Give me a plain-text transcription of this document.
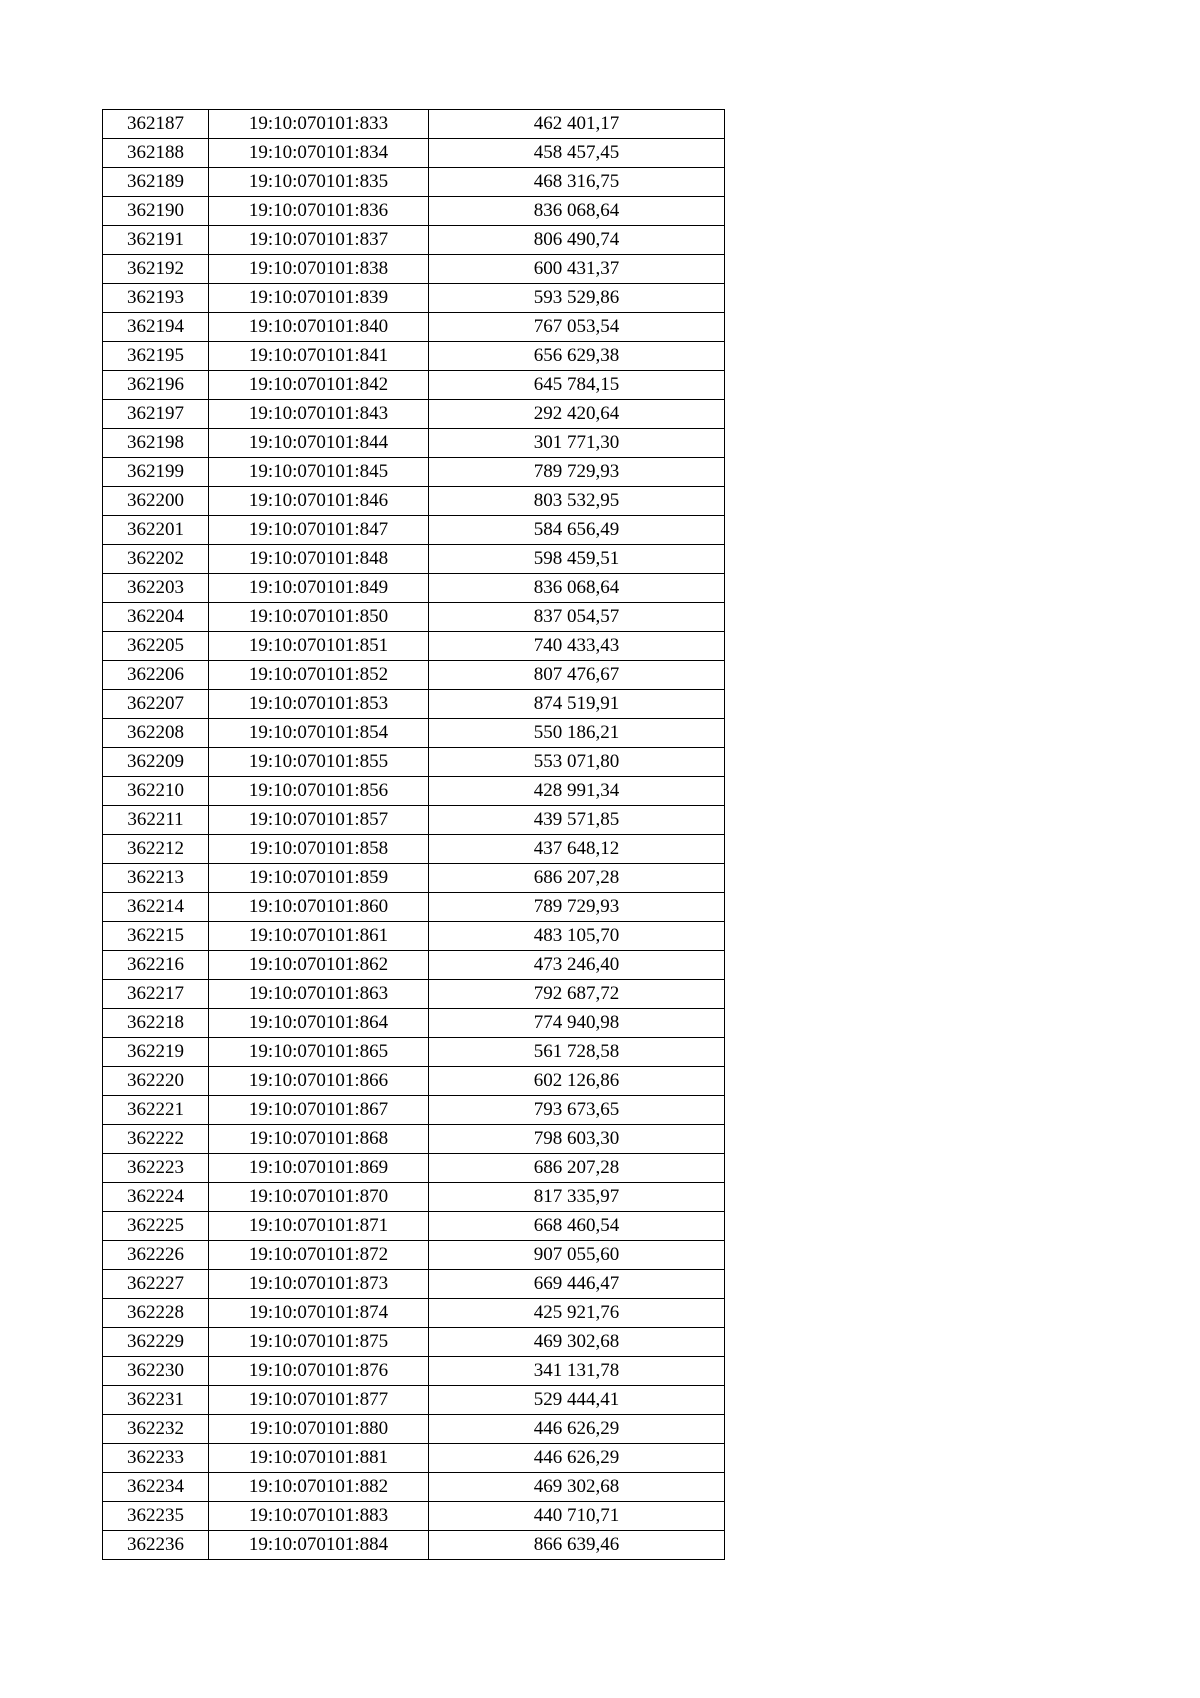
362187	19:10:070101:833	462 401,17
362188	19:10:070101:834	458 457,45
362189	19:10:070101:835	468 316,75
362190	19:10:070101:836	836 068,64
362191	19:10:070101:837	806 490,74
362192	19:10:070101:838	600 431,37
362193	19:10:070101:839	593 529,86
362194	19:10:070101:840	767 053,54
362195	19:10:070101:841	656 629,38
362196	19:10:070101:842	645 784,15
362197	19:10:070101:843	292 420,64
362198	19:10:070101:844	301 771,30
362199	19:10:070101:845	789 729,93
362200	19:10:070101:846	803 532,95
362201	19:10:070101:847	584 656,49
362202	19:10:070101:848	598 459,51
362203	19:10:070101:849	836 068,64
362204	19:10:070101:850	837 054,57
362205	19:10:070101:851	740 433,43
362206	19:10:070101:852	807 476,67
362207	19:10:070101:853	874 519,91
362208	19:10:070101:854	550 186,21
362209	19:10:070101:855	553 071,80
362210	19:10:070101:856	428 991,34
362211	19:10:070101:857	439 571,85
362212	19:10:070101:858	437 648,12
362213	19:10:070101:859	686 207,28
362214	19:10:070101:860	789 729,93
362215	19:10:070101:861	483 105,70
362216	19:10:070101:862	473 246,40
362217	19:10:070101:863	792 687,72
362218	19:10:070101:864	774 940,98
362219	19:10:070101:865	561 728,58
362220	19:10:070101:866	602 126,86
362221	19:10:070101:867	793 673,65
362222	19:10:070101:868	798 603,30
362223	19:10:070101:869	686 207,28
362224	19:10:070101:870	817 335,97
362225	19:10:070101:871	668 460,54
362226	19:10:070101:872	907 055,60
362227	19:10:070101:873	669 446,47
362228	19:10:070101:874	425 921,76
362229	19:10:070101:875	469 302,68
362230	19:10:070101:876	341 131,78
362231	19:10:070101:877	529 444,41
362232	19:10:070101:880	446 626,29
362233	19:10:070101:881	446 626,29
362234	19:10:070101:882	469 302,68
362235	19:10:070101:883	440 710,71
362236	19:10:070101:884	866 639,46
